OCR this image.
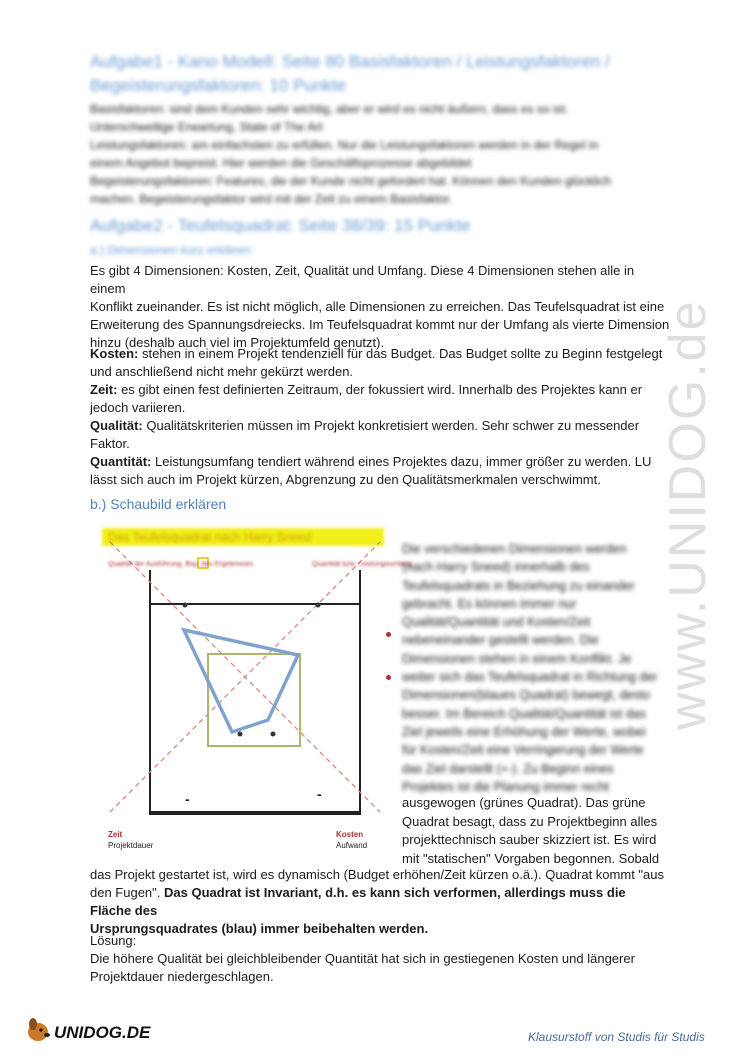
Aufgabe1 - Kano Modell: Seite 80 Basisfaktoren / Leistungsfaktoren / Begeisterungsfaktoren: 10 Punkte
Basisfaktoren: sind dem Kunden sehr wichtig, aber er wird es nicht äußern, dass es so ist.
Unterschwellige Erwartung, State of The Art
Leistungsfaktoren: am einfachsten zu erfüllen. Nur die Leistungsfaktoren werden in der Regel in
einem Angebot bepreist. Hier werden die Geschäftsprozesse abgebildet
Begeisterungsfaktoren: Features, die der Kunde nicht gefordert hat. Können den Kunden glücklich
machen. Begeisterungsfaktor wird mit der Zeit zu einem Basisfaktor.
Aufgabe2 - Teufelsquadrat: Seite 38/39: 15 Punkte
a.) Dimensionen kurz erklären:
Es gibt 4 Dimensionen: Kosten, Zeit, Qualität und Umfang. Diese 4 Dimensionen stehen alle in einem
Konflikt zueinander. Es ist nicht möglich, alle Dimensionen zu erreichen. Das Teufelsquadrat ist eine
Erweiterung des Spannungsdreiecks. Im Teufelsquadrat kommt nur der Umfang als vierte Dimension
hinzu (deshalb auch viel im Projektumfeld genutzt).
Kosten: stehen in einem Projekt tendenziell für das Budget. Das Budget sollte zu Beginn festgelegt
und anschließend nicht mehr gekürzt werden.
Zeit: es gibt einen fest definierten Zeitraum, der fokussiert wird. Innerhalb des Projektes kann er
jedoch variieren.
Qualität: Qualitätskriterien müssen im Projekt konkretisiert werden. Sehr schwer zu messender
Faktor.
Quantität: Leistungsumfang tendiert während eines Projektes dazu, immer größer zu werden. LU
lässt sich auch im Projekt kürzen, Abgrenzung zu den Qualitätsmerkmalen verschwimmt.
b.) Schaubild erklären	www.UNIDOG.de
Das Teufelsquadrat nach Harry Sneed
Qualität der Ausführung, Bsp. des Ergebnisses	Quantität bzw. Leistungsumfang
-	-
Zeit
Projektdauer
Kosten
Aufwand
Die verschiedenen Dimensionen werden
(nach Harry Sneed) innerhalb des
Teufelsquadrats in Beziehung zu einander
gebracht. Es können immer nur
Qualität/Quantität und Kosten/Zeit
nebeneinander gestellt werden. Die
Dimensionen stehen in einem Konflikt. Je
weiter sich das Teufelsquadrat in Richtung der
Dimensionen(blaues Quadrat) bewegt, desto
besser. Im Bereich Qualität/Quantität ist das
Ziel jeweils eine Erhöhung der Werte, wobei
für Kosten/Zeit eine Verringerung der Werte
das Ziel darstellt (+-). Zu Beginn eines
Projektes ist die Planung immer recht
ausgewogen (grünes Quadrat). Das grüne
Quadrat besagt, dass zu Projektbeginn alles
projekttechnisch sauber skizziert ist. Es wird
mit "statischen" Vorgaben begonnen. Sobald
das Projekt gestartet ist, wird es dynamisch (Budget erhöhen/Zeit kürzen o.ä.). Quadrat kommt "aus
den Fugen". Das Quadrat ist Invariant, d.h. es kann sich verformen, allerdings muss die Fläche des
Ursprungsquadrates (blau) immer beibehalten werden.
Lösung:
Die höhere Qualität bei gleichbleibender Quantität hat sich in gestiegenen Kosten und längerer
Projektdauer niedergeschlagen.
UNIDOG.DE	Klausurstoff von Studis für Studis
